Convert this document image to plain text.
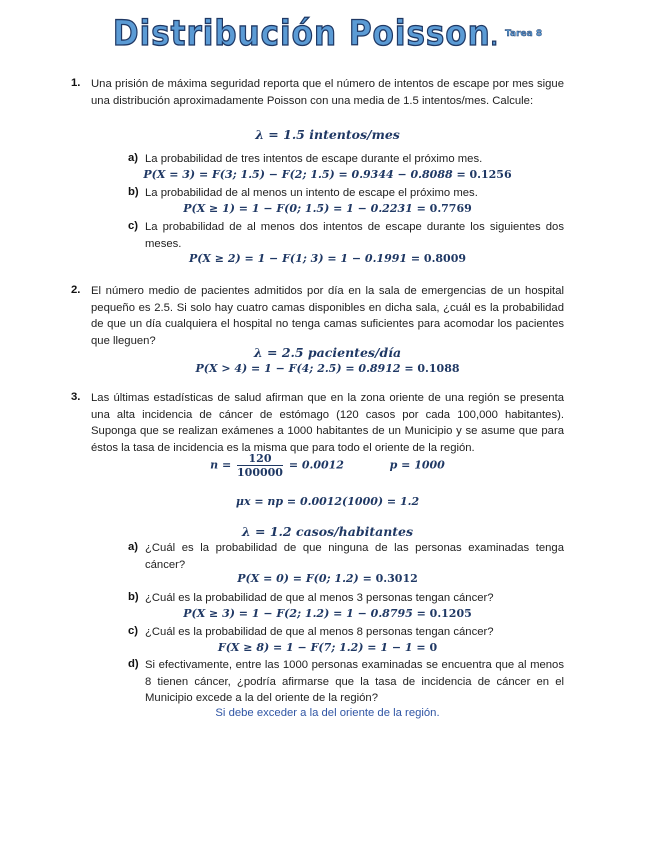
Distribución Poisson. Tarea 8
1. Una prisión de máxima seguridad reporta que el número de intentos de escape por mes sigue una distribución aproximadamente Poisson con una media de 1.5 intentos/mes. Calcule:
λ = 1.5 intentos/mes
a) La probabilidad de tres intentos de escape durante el próximo mes.
P(X = 3) = F(3; 1.5) − F(2; 1.5) = 0.9344 − 0.8088 = 0.1256
b) La probabilidad de al menos un intento de escape el próximo mes.
P(X ≥ 1) = 1 − F(0; 1.5) = 1 − 0.2231 = 0.7769
c) La probabilidad de al menos dos intentos de escape durante los siguientes dos meses.
P(X ≥ 2) = 1 − F(1; 3) = 1 − 0.1991 = 0.8009
2. El número medio de pacientes admitidos por día en la sala de emergencias de un hospital pequeño es 2.5. Si solo hay cuatro camas disponibles en dicha sala, ¿cuál es la probabilidad de que un día cualquiera el hospital no tenga camas suficientes para acomodar los pacientes que lleguen?
λ = 2.5 pacientes/día
P(X > 4) = 1 − F(4; 2.5) = 0.8912 = 0.1088
3. Las últimas estadísticas de salud afirman que en la zona oriente de una región se presenta una alta incidencia de cáncer de estómago (120 casos por cada 100,000 habitantes). Suponga que se realizan exámenes a 1000 habitantes de un Municipio y se asume que para éstos la tasa de incidencia es la misma que para todo el oriente de la región.
$n = \frac{120}{100000} = 0.0012$	p = 1000
μx = np = 0.0012(1000) = 1.2
λ = 1.2 casos/habitantes
a) ¿Cuál es la probabilidad de que ninguna de las personas examinadas tenga cáncer?
P(X = 0) = F(0; 1.2) = 0.3012
b) ¿Cuál es la probabilidad de que al menos 3 personas tengan cáncer?
P(X ≥ 3) = 1 − F(2; 1.2) = 1 − 0.8795 = 0.1205
c) ¿Cuál es la probabilidad de que al menos 8 personas tengan cáncer?
F(X ≥ 8) = 1 − F(7; 1.2) = 1 − 1 = 0
d) Si efectivamente, entre las 1000 personas examinadas se encuentra que al menos 8 tienen cáncer, ¿podría afirmarse que la tasa de incidencia de cáncer en el Municipio excede a la del oriente de la región?
Si debe exceder a la del oriente de la región.
